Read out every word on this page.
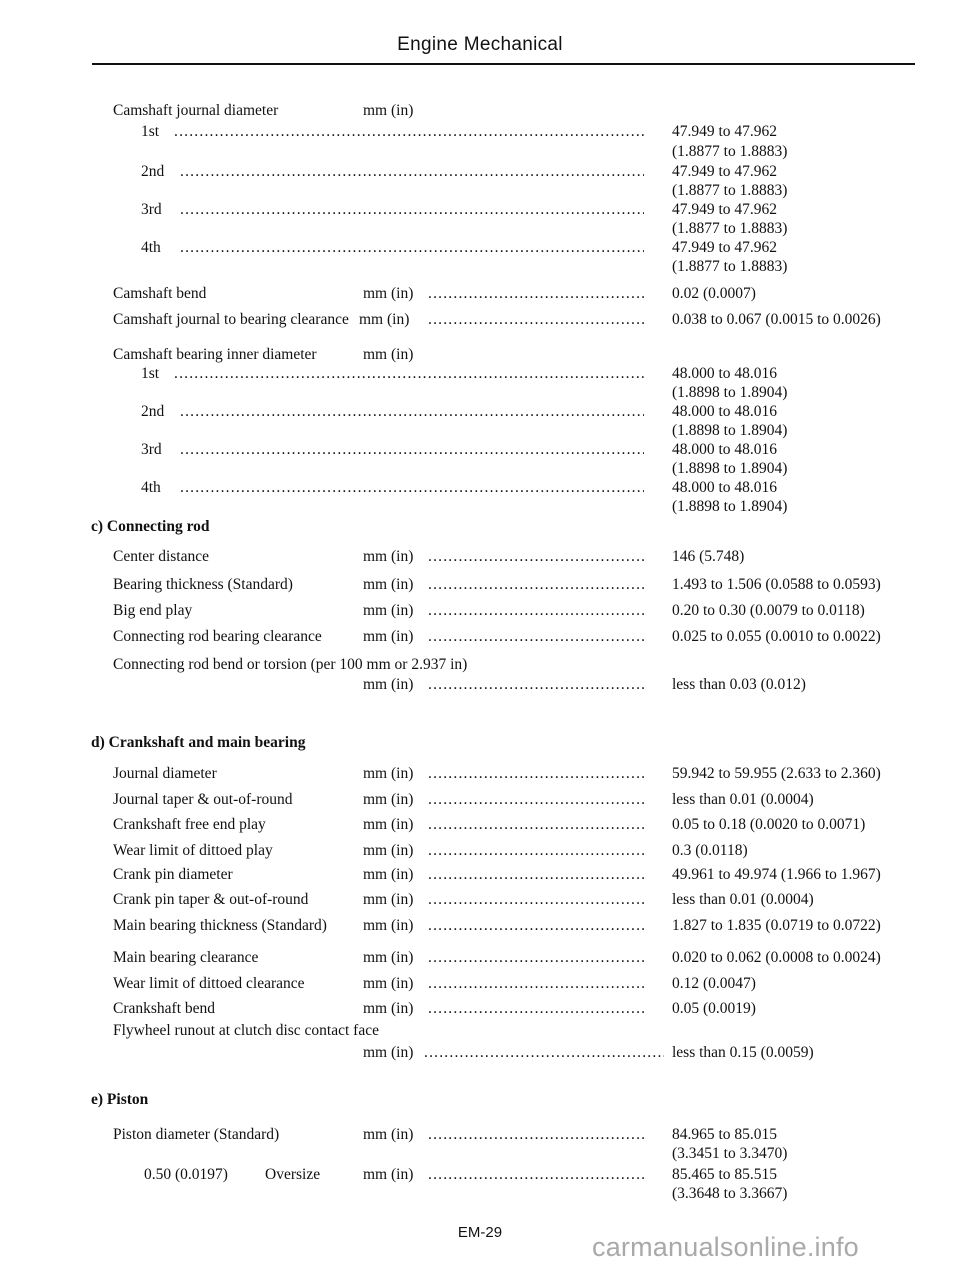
Engine Mechanical
Camshaft journal diameter	mm (in)
1st .....	47.949 to 47.962
(1.8877 to 1.8883)
2nd .....	47.949 to 47.962
(1.8877 to 1.8883)
3rd .....	47.949 to 47.962
(1.8877 to 1.8883)
4th .....	47.949 to 47.962
(1.8877 to 1.8883)
Camshaft bend	mm (in) .....	0.02 (0.0007)
Camshaft journal to bearing clearance mm (in) .....	0.038 to 0.067 (0.0015 to 0.0026)
Camshaft bearing inner diameter	mm (in)
1st .....	48.000 to 48.016
(1.8898 to 1.8904)
2nd .....	48.000 to 48.016
(1.8898 to 1.8904)
3rd .....	48.000 to 48.016
(1.8898 to 1.8904)
4th .....	48.000 to 48.016
(1.8898 to 1.8904)
c) Connecting rod
Center distance	mm (in) .....	146 (5.748)
Bearing thickness (Standard)	mm (in) .....	1.493 to 1.506 (0.0588 to 0.0593)
Big end play	mm (in) .....	0.20 to 0.30 (0.0079 to 0.0118)
Connecting rod bearing clearance	mm (in) .....	0.025 to 0.055 (0.0010 to 0.0022)
Connecting rod bend or torsion (per 100 mm or 2.937 in)
mm (in) .....	less than 0.03 (0.012)
d) Crankshaft and main bearing
Journal diameter	mm (in) .....	59.942 to 59.955 (2.633 to 2.360)
Journal taper & out-of-round	mm (in) .....	less than 0.01 (0.0004)
Crankshaft free end play	mm (in) .....	0.05 to 0.18 (0.0020 to 0.0071)
Wear limit of dittoed play	mm (in) .....	0.3 (0.0118)
Crank pin diameter	mm (in) .....	49.961 to 49.974 (1.966 to 1.967)
Crank pin taper & out-of-round	mm (in) .....	less than 0.01 (0.0004)
Main bearing thickness (Standard) mm (in) .....	1.827 to 1.835 (0.0719 to 0.0722)
Main bearing clearance	mm (in) .....	0.020 to 0.062 (0.0008 to 0.0024)
Wear limit of dittoed clearance	mm (in) .....	0.12 (0.0047)
Crankshaft bend	mm (in) .....	0.05 (0.0019)
Flywheel runout at clutch disc contact face
mm (in) .....	less than 0.15 (0.0059)
e) Piston
Piston diameter (Standard)	mm (in) .....	84.965 to 85.015
(3.3451 to 3.3470)
0.50 (0.0197) Oversize	mm (in) .....	85.465 to 85.515
(3.3648 to 3.3667)
EM-29	carmanualsonline.info
